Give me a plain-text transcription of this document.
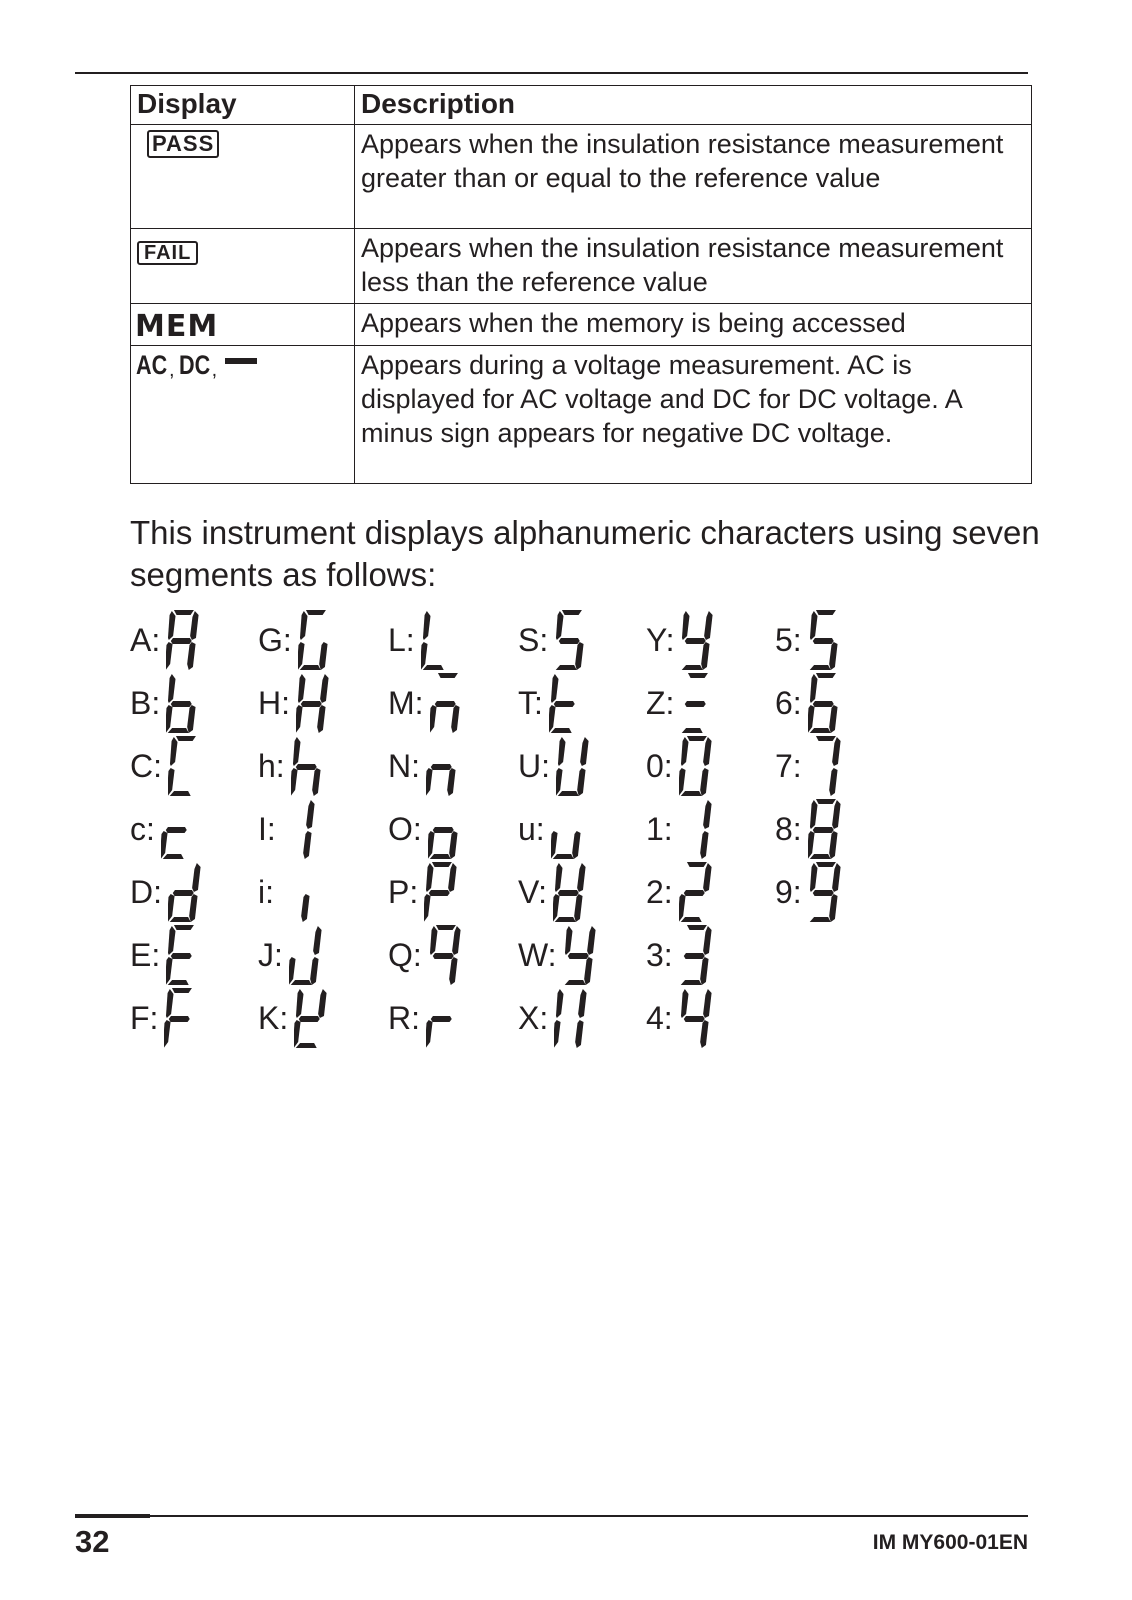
Display	Description
PASS	Appears when the insulation resistance measurement greater than or equal to the reference value
FAIL	Appears when the insulation resistance measurement less than the reference value
MEM	Appears when the memory is being accessed

AC , DC ,	Appears during a voltage measurement. AC is displayed for AC voltage and DC for DC voltage. A minus sign appears for negative DC voltage.
This instrument displays alphanumeric characters using seven segments as follows:
A:
B:
C:
c:
D:
E:
F:
G:
H:
h:
I:
i:
J:
K:
L:
M:
N:
O:
P:
Q:
R:
S:
T:
U:
u:
V:
W:
X:
Y:
Z:
0:
1:
2:
3:
4:
5:
6:
7:
8:
9:
32	IM MY600-01EN
